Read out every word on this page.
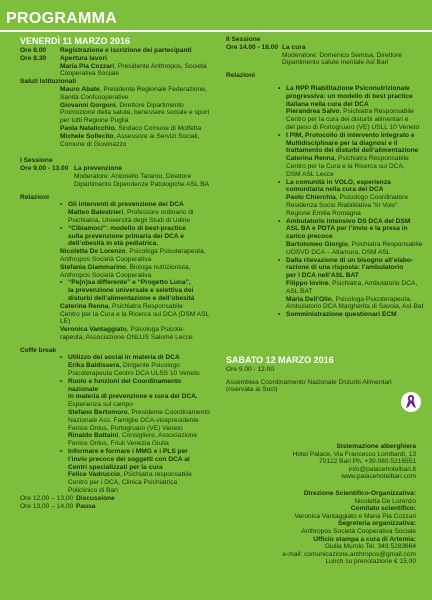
PROGRAMMA
VENERDÌ 11 MARZO 2016
Ore 8.00	Registrazione e iscrizione dei partecipanti
Ore 8.30	Apertura lavori
Maria Pia Cozzari, Presidente Anthropos, Società
Cooperativa Sociale
Saluti Istituzionali
Mauro Abate, Presidente Regionale Federazione,
Sanità Confcooperative
Giovanni Gorgoni, Direttore Dipartimento
Promozione della salute, benessere sociale e sport
per tutti Regione Puglia
Paola Natalicchio, Sindaco Comune di Molfetta
Michele Sollecito, Assessore ai Servizi Sociali,
Comune di Giovinazzo
I Sessione
Ore 9.00 - 13.00 La prevenzione
Moderatore: Antonello Taranto, Direttore
Dipartimento Dipendenze Patologiche ASL BA
Relazioni
• Gli interventi di prevenzione dei DCA
Matteo Balestrieri, Professore ordinario di
Psichiatria, Università degli Studi di Udine
• “Cibiamoci”: modello di best-practice
sulla prevenzione primaria dei DCA e
dell’obesità in età pediatrica.
Nicoletta De Lorenzo, Psicologa Psicoterapeuta,
Anthropos Società Cooperativa
Stefania Giammarino, Biologa nutrizionista,
Anthropos Società Cooperativa
• “Pe(n)sa differente” e “Progetto Luna”,
la prevenzione universale e selettiva dei
disturbi dell’alimentazione e dell’obesità
Caterina Renna, Psichiatra Responsabile
Centro per la Cura e la Ricerca sui DCA (DSM ASL LE)
Veronica Vantaggiato, Psicologa Psicote-
rapeuta, Associazione ONLUS Salomè Lecce
Coffe break
• Utilizzo dei social in materia di DCA
Erika Baldissera, Dirigente Psicologo
Psicoterapeuta Centro DCA ULSS 10 Veneto
• Ruolo e funzioni del Coordinamento nazionale
in materia di prevenzione e cura dei DCA.
Esperienza sul campo
Stefano Bertomoro, Presidente Coordinamento
Nazionale Ass. Famiglie DCA-vicepresidente
Fenice Onlus, Portogruaro (VE) Veneto
Rinaldo Battaini, Consigliere, Associazione
Fenice Onlus, Friuli Venezia Giulia
• Informare e formare i MMG e i PLS per
l’invio precoce dei soggetti con DCA ai
Centri specializzati per la cura
Felice Vadruccio, Psichiatra responsabile
Centro per i DCA, Clinica Psichiatrica
Policlinico di Bari
Ore 12,00 – 13,00 Discussione
Ore 13,00 – 14,00 Pausa
II Sessione
Ore 14.00 - 18.00 La cura
Moderatore: Domenico Semisa, Direttore
Dipartimento salute mentale Asl Bari
Relazioni
• La RPP Riabilitazione Psiconutrizionale
progressiva: un modello di best practice
italiana nella cura dei DCA
Pierandrea Salvo, Psichiatra Responsabile
Centro per la cura dei disturbi alimentari e
del peso di Portogruaro (VE) USLL 10 Veneto
• I PIM, Protocollo di intervento Integrato e
Multidisciplinare per la diagnosi e il
trattamento dei disturbi dell’alimentazione
Caterina Renna, Psichiatra Responsabile
Centro per la Cura e la Ricerca sui DCA,
DSM ASL Lecce
• La comunità in VOLO, esperienza
comunitaria nella cura dei DCA
Paolo Chierchia, Psicologo Coordinatore
Residenza Socio Riabilitativa “In Volo”
Regione Emilia Romagna
• Ambulatorio intensivo DS DCA del DSM
ASL BA e PDTA per l’invio e la presa in
carico precoce
Bartolomeo Giorgio, Psichiatra Responsabile
UOSVD DCA – Altamura, DSM ASL
• Dalla rilevazione di un bisogno all’elabo-
razione di una risposta: l’ambulatorio
per i DCA nell’ASL BAT
Filippo Iovine, Psichiatra, Ambulatorio DCA,
ASL BAT
Maria Dell’Olio, Psicologa Psicoterapeuta,
Ambulatorio DCA Margherita di Savoia, Asl-Bat
• Somministrazione questionari ECM
SABATO 12 MARZO 2016
Ore 9.00 - 12.00
Assemblea Coordinamento Nazionale Disturbi Alimentari
(riservata ai Soci)
Sistemazione alberghiera
Hotel Palace, Via Francesco Lombardi, 13
70122 Bari Ph. +39.080.5216551
info@palacehotelbari.it
www.palacehotelbari.com
Direzione Scientifico-Organizzativa:
Nicoletta De Lorenzo
Comitato scientifico:
Veronica Vantaggiato e Maria Pia Cozzari
Segreteria organizzativa:
Anthropos Società Cooperativa Sociale
Ufficio stampa a cura di Artemia:
Giulia Murolo Tel. 349.5283664
e-mail: comunicazione.anthropos@gmail.com
Lunch su prenotazione € 15,00
